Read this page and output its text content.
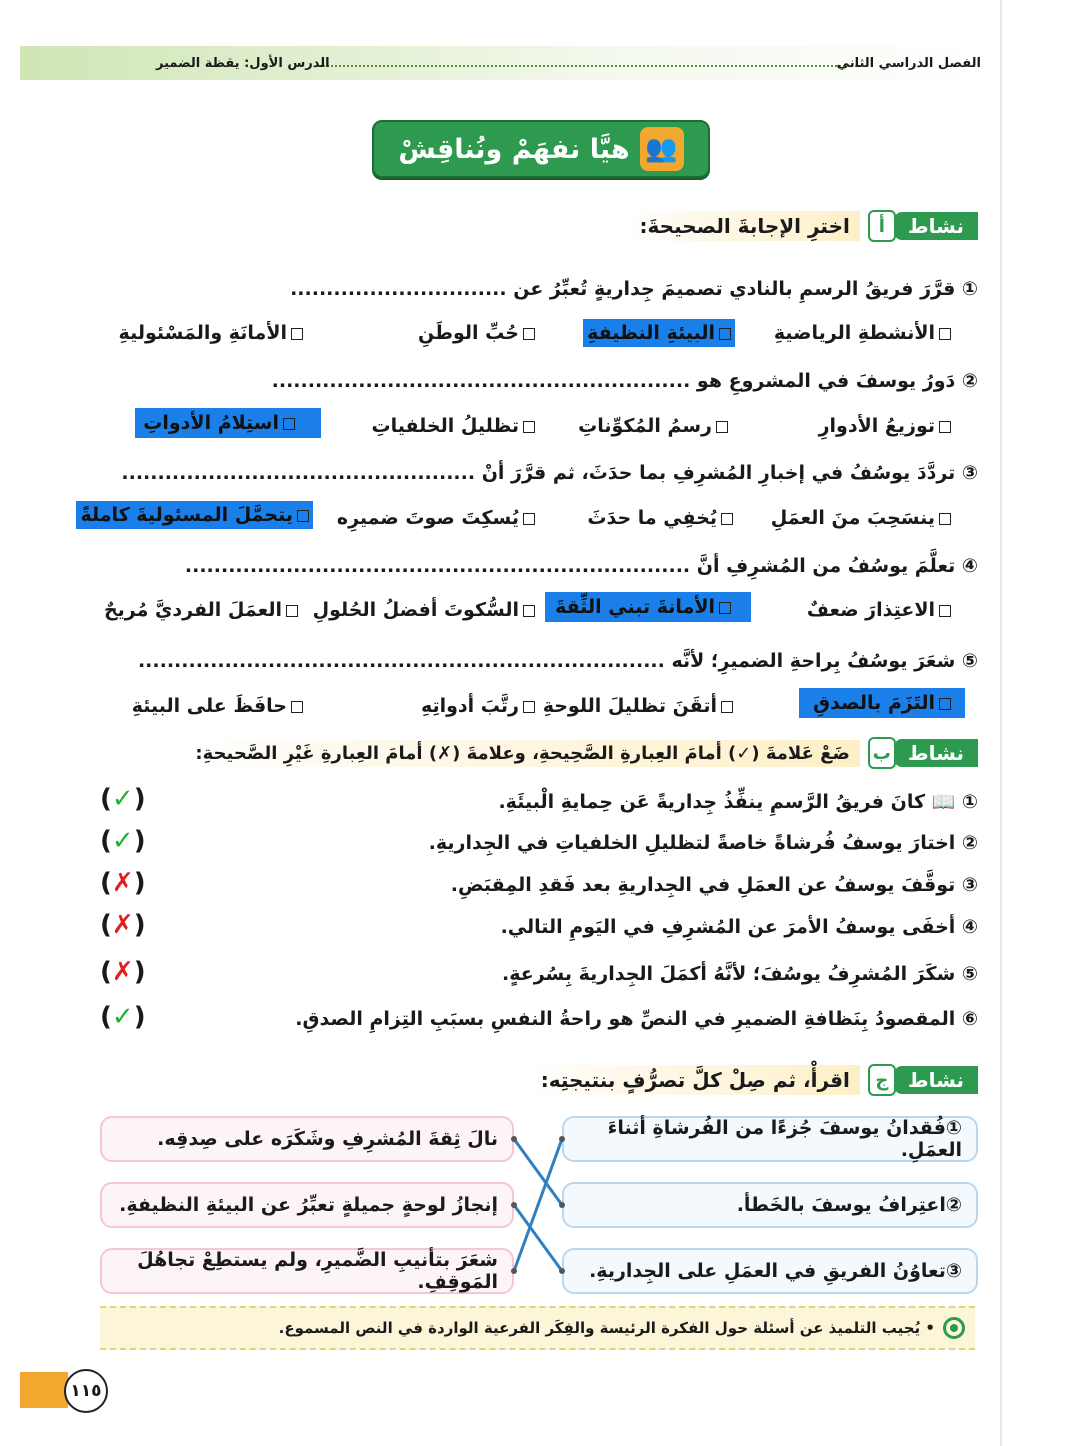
الفصل الدراسي الثاني
الدرس الأول: يقظة الضمير
👥
هيَّا نفهَمْ ونُناقِشْ
نشاط
أ
اخترِ الإجابةَ الصحيحةَ:
① قرَّرَ فريقُ الرسمِ بالنادي تصميمَ جِداريةٍ تُعبِّرُ عن ..............................
الأنشطةِ الرياضيةِ
البيئةِ النظيفةِ
حُبِّ الوطَنِ
الأمانَةِ والمَسْئوليةِ
② دَورُ يوسفَ في المشروعِ هو ..........................................................
توزيعُ الأدوارِ
رسمُ المُكوِّناتِ
تظليلُ الخلفياتِ
استِلامُ الأدواتِ
③ تردَّدَ يوسُفُ في إخبارِ المُشرِفِ بما حدَثَ، ثم قرَّرَ أنْ .................................................
ينسَحِبَ منَ العمَلِ
يُخفِي ما حدَثَ
يُسكِتَ صوتَ ضميرِه
يتحمَّلَ المسئوليةَ كاملةً
④ تعلَّمَ يوسُفُ من المُشرِفِ أنَّ ......................................................................
الاعتِذارَ ضعفٌ
الأمانةَ تبني الثِّقةَ
السُّكوتَ أفضلُ الحُلولِ
العمَلَ الفرديَّ مُريحٌ
⑤ شعَرَ يوسُفُ بِراحةِ الضميرِ؛ لأنَّه .........................................................................
التَزَمَ بالصدقِ
أتقَنَ تظليلَ اللوحةِ
رتَّبَ أدواتِهِ
حافَظَ على البيئةِ
نشاط
ب
ضَعْ عَلامةَ (✓) أمامَ العِبارةِ الصَّحِيحةِ، وعلامةَ (✗) أمامَ العِبارةِ غَيْرِ الصَّحيحةِ:
① 📖 كانَ فريقُ الرَّسمِ ينفِّذُ جِداريةً عَن حِمايةِ الْبيئَةِ.
② اختارَ يوسفُ فُرشاةً خاصةً لتظليلِ الخلفياتِ في الجِداريةِ.
③ توقَّفَ يوسفُ عن العمَلِ في الجِداريةِ بعد فَقدِ المِقبَضِ.
④ أخفَى يوسفُ الأمرَ عن المُشرِفِ في اليَومِ التالي.
⑤ شكَرَ المُشرِفُ يوسُفَ؛ لأنَّهُ أكمَلَ الجِداريةَ بِسُرعةٍ.
⑥ المقصودُ بِنَظافةِ الضميرِ في النصِّ هو راحةُ النفسِ بسبَبِ التِزامِ الصدقِ.
(✓)
(✓)
(✗)
(✗)
(✗)
(✓)
نشاط
ج
اقرأْ، ثم صِلْ كلَّ تصرُّفٍ بنتيجتِه:
①فُقدانُ يوسفَ جُزءًا من الفُرشاةِ أثناءَ العمَلِ.
②اعتِرافُ يوسفَ بالخَطأ.
③تعاوُنُ الفريقِ في العمَلِ على الجِداريةِ.
نالَ ثِقةَ المُشرِفِ وشَكَرَه على صِدقِه.
إنجازُ لوحةٍ جميلةٍ تعبِّرُ عن البيئةِ النظيفةِ.
شعَرَ بتأنيبِ الضَّميرِ، ولم يستطِعْ تجاهُلَ المَوقِفِ.
• يُجيب التلميذ عن أسئلة حول الفكرة الرئيسة والفِكَر الفرعية الواردة في النص المسموع.
١١٥
